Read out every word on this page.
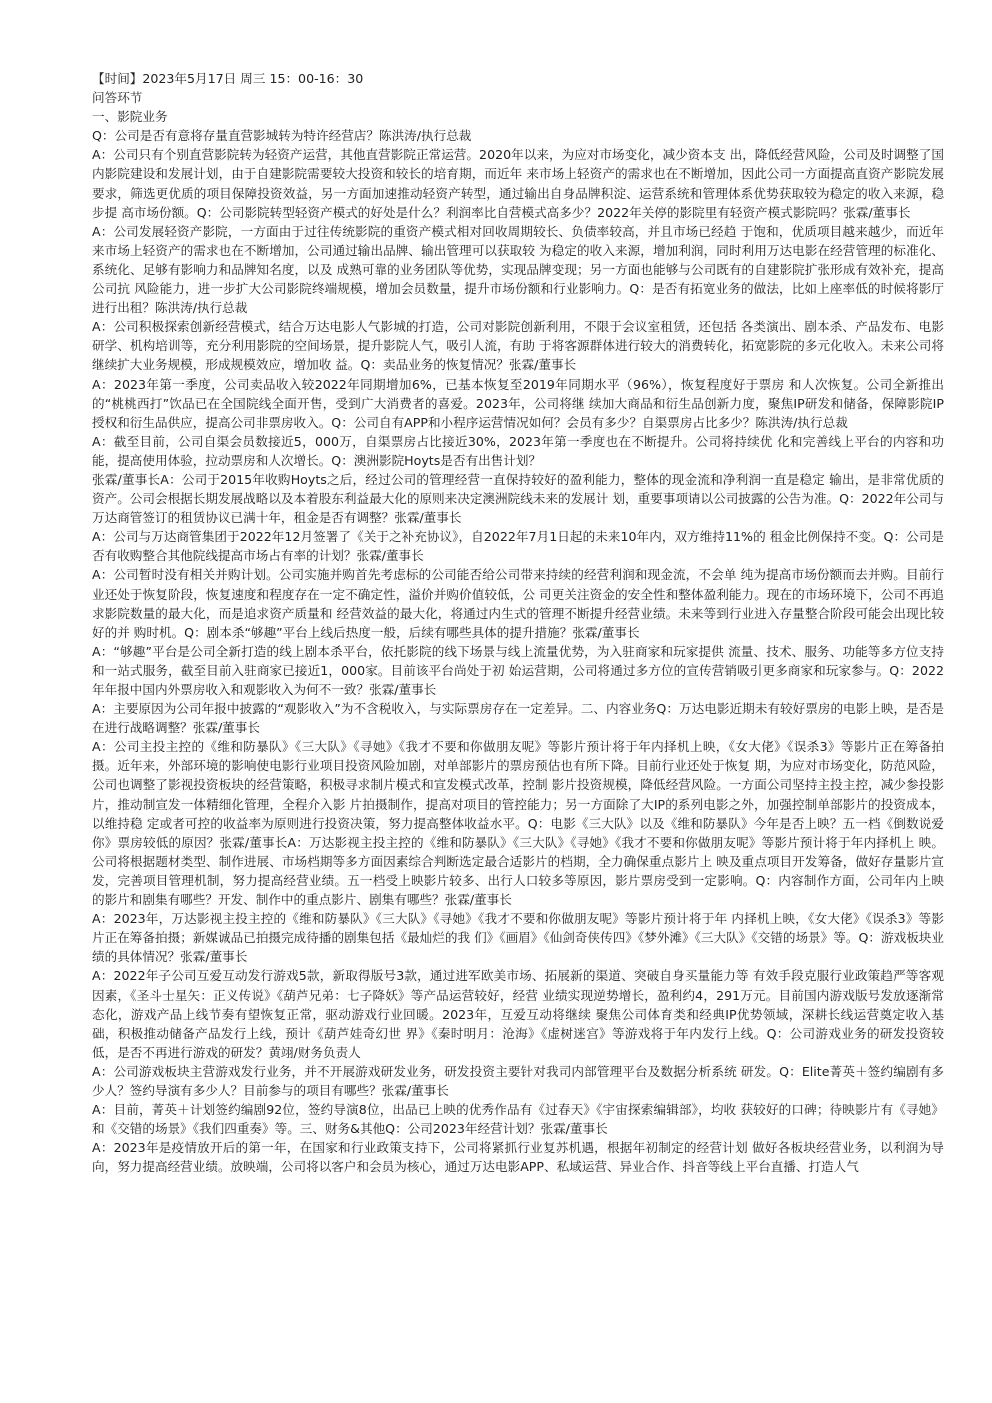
【时间】2023年5月17日 周三 15：00-16：30

问答环节

一、影院业务

Q：公司是否有意将存量直营影城转为特许经营店？陈洪涛/执行总裁

A：公司只有个别直营影院转为轻资产运营，其他直营影院正常运营。2020年以来，为应对市场变化，减少资本支 出，降低经营风险，公司及时调整了国内影院建设和发展计划，由于自建影院需要较大投资和较长的培育期，而近年 来市场上轻资产的需求也在不断增加，因此公司一方面提高直资产影院发展要求，筛选更优质的项目保障投资效益，另一方面加速推动轻资产转型，通过输出自身品牌积淀、运营系统和管理体系优势获取较为稳定的收入来源，稳步提 高市场份额。Q：公司影院转型轻资产模式的好处是什么？利润率比自营模式高多少？2022年关停的影院里有轻资产模式影院吗？张霖/董事长

A：公司发展轻资产影院，一方面由于过往传统影院的重资产模式相对回收周期较长、负债率较高，并且市场已经趋 于饱和，优质项目越来越少，而近年来市场上轻资产的需求也在不断增加，公司通过输出品牌、输出管理可以获取较 为稳定的收入来源，增加利润，同时利用万达电影在经营管理的标准化、系统化、足够有影响力和品牌知名度，以及 成熟可靠的业务团队等优势，实现品牌变现；另一方面也能够与公司既有的自建影院扩张形成有效补充，提高公司抗 风险能力，进一步扩大公司影院终端规模，增加会员数量，提升市场份额和行业影响力。Q：是否有拓宽业务的做法，比如上座率低的时候将影厅进行出租？陈洪涛/执行总裁

A：公司积极探索创新经营模式，结合万达电影人气影城的打造，公司对影院创新利用，不限于会议室租赁，还包括 各类演出、剧本杀、产品发布、电影研学、机构培训等，充分利用影院的空间场景，提升影院人气，吸引人流，有助 于将客源群体进行较大的消费转化，拓宽影院的多元化收入。未来公司将继续扩大业务规模，形成规模效应，增加收 益。Q：卖品业务的恢复情况？张霖/董事长

A：2023年第一季度，公司卖品收入较2022年同期增加6%，已基本恢复至2019年同期水平（96%），恢复程度好于票房 和人次恢复。公司全新推出的“桃桃西打”饮品已在全国院线全面开售，受到广大消费者的喜爱。2023年，公司将继 续加大商品和衍生品创新力度，聚焦IP研发和储备，保障影院IP授权和衍生品供应，提高公司非票房收入。Q：公司自有APP和小程序运营情况如何？会员有多少？自渠票房占比多少？陈洪涛/执行总裁

A：截至目前，公司自渠会员数接近5，000万，自渠票房占比接近30%，2023年第一季度也在不断提升。公司将持续优 化和完善线上平台的内容和功能，提高使用体验，拉动票房和人次增长。Q：澳洲影院Hoyts是否有出售计划？

张霖/董事长A：公司于2015年收购Hoyts之后，经过公司的管理经营一直保持较好的盈利能力，整体的现金流和净利润一直是稳定 输出，是非常优质的资产。公司会根据长期发展战略以及本着股东利益最大化的原则来决定澳洲院线未来的发展计 划，重要事项请以公司披露的公告为准。Q：2022年公司与万达商管签订的租赁协议已满十年，租金是否有调整？张霖/董事长

A：公司与万达商管集团于2022年12月签署了《关于之补充协议》，自2022年7月1日起的未来10年内，双方维持11%的 租金比例保持不变。Q：公司是否有收购整合其他院线提高市场占有率的计划？张霖/董事长

A：公司暂时没有相关并购计划。公司实施并购首先考虑标的公司能否给公司带来持续的经营利润和现金流，不会单 纯为提高市场份额而去并购。目前行业还处于恢复阶段，恢复速度和程度存在一定不确定性，溢价并购价值较低，公 司更关注资金的安全性和整体盈利能力。现在的市场环境下，公司不再追求影院数量的最大化，而是追求资产质量和 经营效益的最大化，将通过内生式的管理不断提升经营业绩。未来等到行业进入存量整合阶段可能会出现比较好的并 购时机。Q：剧本杀“够趣”平台上线后热度一般，后续有哪些具体的提升措施？张霖/董事长

A：“够趣”平台是公司全新打造的线上剧本杀平台，依托影院的线下场景与线上流量优势，为入驻商家和玩家提供 流量、技术、服务、功能等多方位支持和一站式服务，截至目前入驻商家已接近1，000家。目前该平台尚处于初 始运营期，公司将通过多方位的宣传营销吸引更多商家和玩家参与。Q：2022年年报中国内外票房收入和观影收入为何不一致？张霖/董事长

A：主要原因为公司年报中披露的“观影收入”为不含税收入，与实际票房存在一定差异。二、内容业务Q：万达电影近期未有较好票房的电影上映，是否是在进行战略调整？张霖/董事长

A：公司主投主控的《维和防暴队》《三大队》《寻她》《我才不要和你做朋友呢》等影片预计将于年内择机上映，《女大佬》《误杀3》等影片正在筹备拍摄。近年来，外部环境的影响使电影行业项目投资风险加剧，对单部影片的票房预估也有所下降。目前行业还处于恢复 期，为应对市场变化，防范风险，公司也调整了影视投资板块的经营策略，积极寻求制片模式和宣发模式改革，控制 影片投资规模，降低经营风险。一方面公司坚持主投主控，减少参投影片，推动制宣发一体精细化管理，全程介入影 片拍摄制作，提高对项目的管控能力；另一方面除了大IP的系列电影之外，加强控制单部影片的投资成本，以维持稳 定或者可控的收益率为原则进行投资决策，努力提高整体收益水平。Q：电影《三大队》以及《维和防暴队》今年是否上映？五一档《倒数说爱你》票房较低的原因？张霖/董事长A：万达影视主投主控的《维和防暴队》《三大队》《寻她》《我才不要和你做朋友呢》等影片预计将于年内择机上 映。公司将根据题材类型、制作进展、市场档期等多方面因素综合判断选定最合适影片的档期，全力确保重点影片上 映及重点项目开发筹备，做好存量影片宣发，完善项目管理机制，努力提高经营业绩。五一档受上映影片较多、出行人口较多等原因，影片票房受到一定影响。Q：内容制作方面，公司年内上映的影片和剧集有哪些？开发、制作中的重点影片、剧集有哪些？张霖/董事长

A：2023年，万达影视主投主控的《维和防暴队》《三大队》《寻她》《我才不要和你做朋友呢》等影片预计将于年 内择机上映，《女大佬》《误杀3》等影片正在筹备拍摄；新媒诚品已拍摄完成待播的剧集包括《最灿烂的我 们》《画眉》《仙剑奇侠传四》《梦外滩》《三大队》《交错的场景》等。Q：游戏板块业绩的具体情况？张霖/董事长

A：2022年子公司互爱互动发行游戏5款，新取得版号3款，通过进军欧美市场、拓展新的渠道、突破自身买量能力等 有效手段克服行业政策趋严等客观因素，《圣斗士星矢：正义传说》《葫芦兄弟：七子降妖》等产品运营较好，经营 业绩实现逆势增长，盈利约4，291万元。目前国内游戏版号发放逐渐常态化，游戏产品上线节奏有望恢复正常，驱动游戏行业回暖。2023年，互爱互动将继续 聚焦公司体育类和经典IP优势领域，深耕长线运营奠定收入基础，积极推动储备产品发行上线，预计《葫芦娃奇幻世 界》《秦时明月：沧海》《虚树迷宫》等游戏将于年内发行上线。Q：公司游戏业务的研发投资较低，是否不再进行游戏的研发？黄翊/财务负责人

A：公司游戏板块主营游戏发行业务，并不开展游戏研发业务，研发投资主要针对我司内部管理平台及数据分析系统 研发。Q：Elite菁英＋签约编剧有多少人？签约导演有多少人？目前参与的项目有哪些？张霖/董事长

A：目前，菁英＋计划签约编剧92位，签约导演8位，出品已上映的优秀作品有《过春天》《宇宙探索编辑部》，均收 获较好的口碑；待映影片有《寻她》和《交错的场景》《我们四重奏》等。三、财务&其他Q：公司2023年经营计划？张霖/董事长

A：2023年是疫情放开后的第一年，在国家和行业政策支持下，公司将紧抓行业复苏机遇，根据年初制定的经营计划 做好各板块经营业务，以利润为导向，努力提高经营业绩。放映端，公司将以客户和会员为核心，通过万达电影APP、私域运营、异业合作、抖音等线上平台直播、打造人气
